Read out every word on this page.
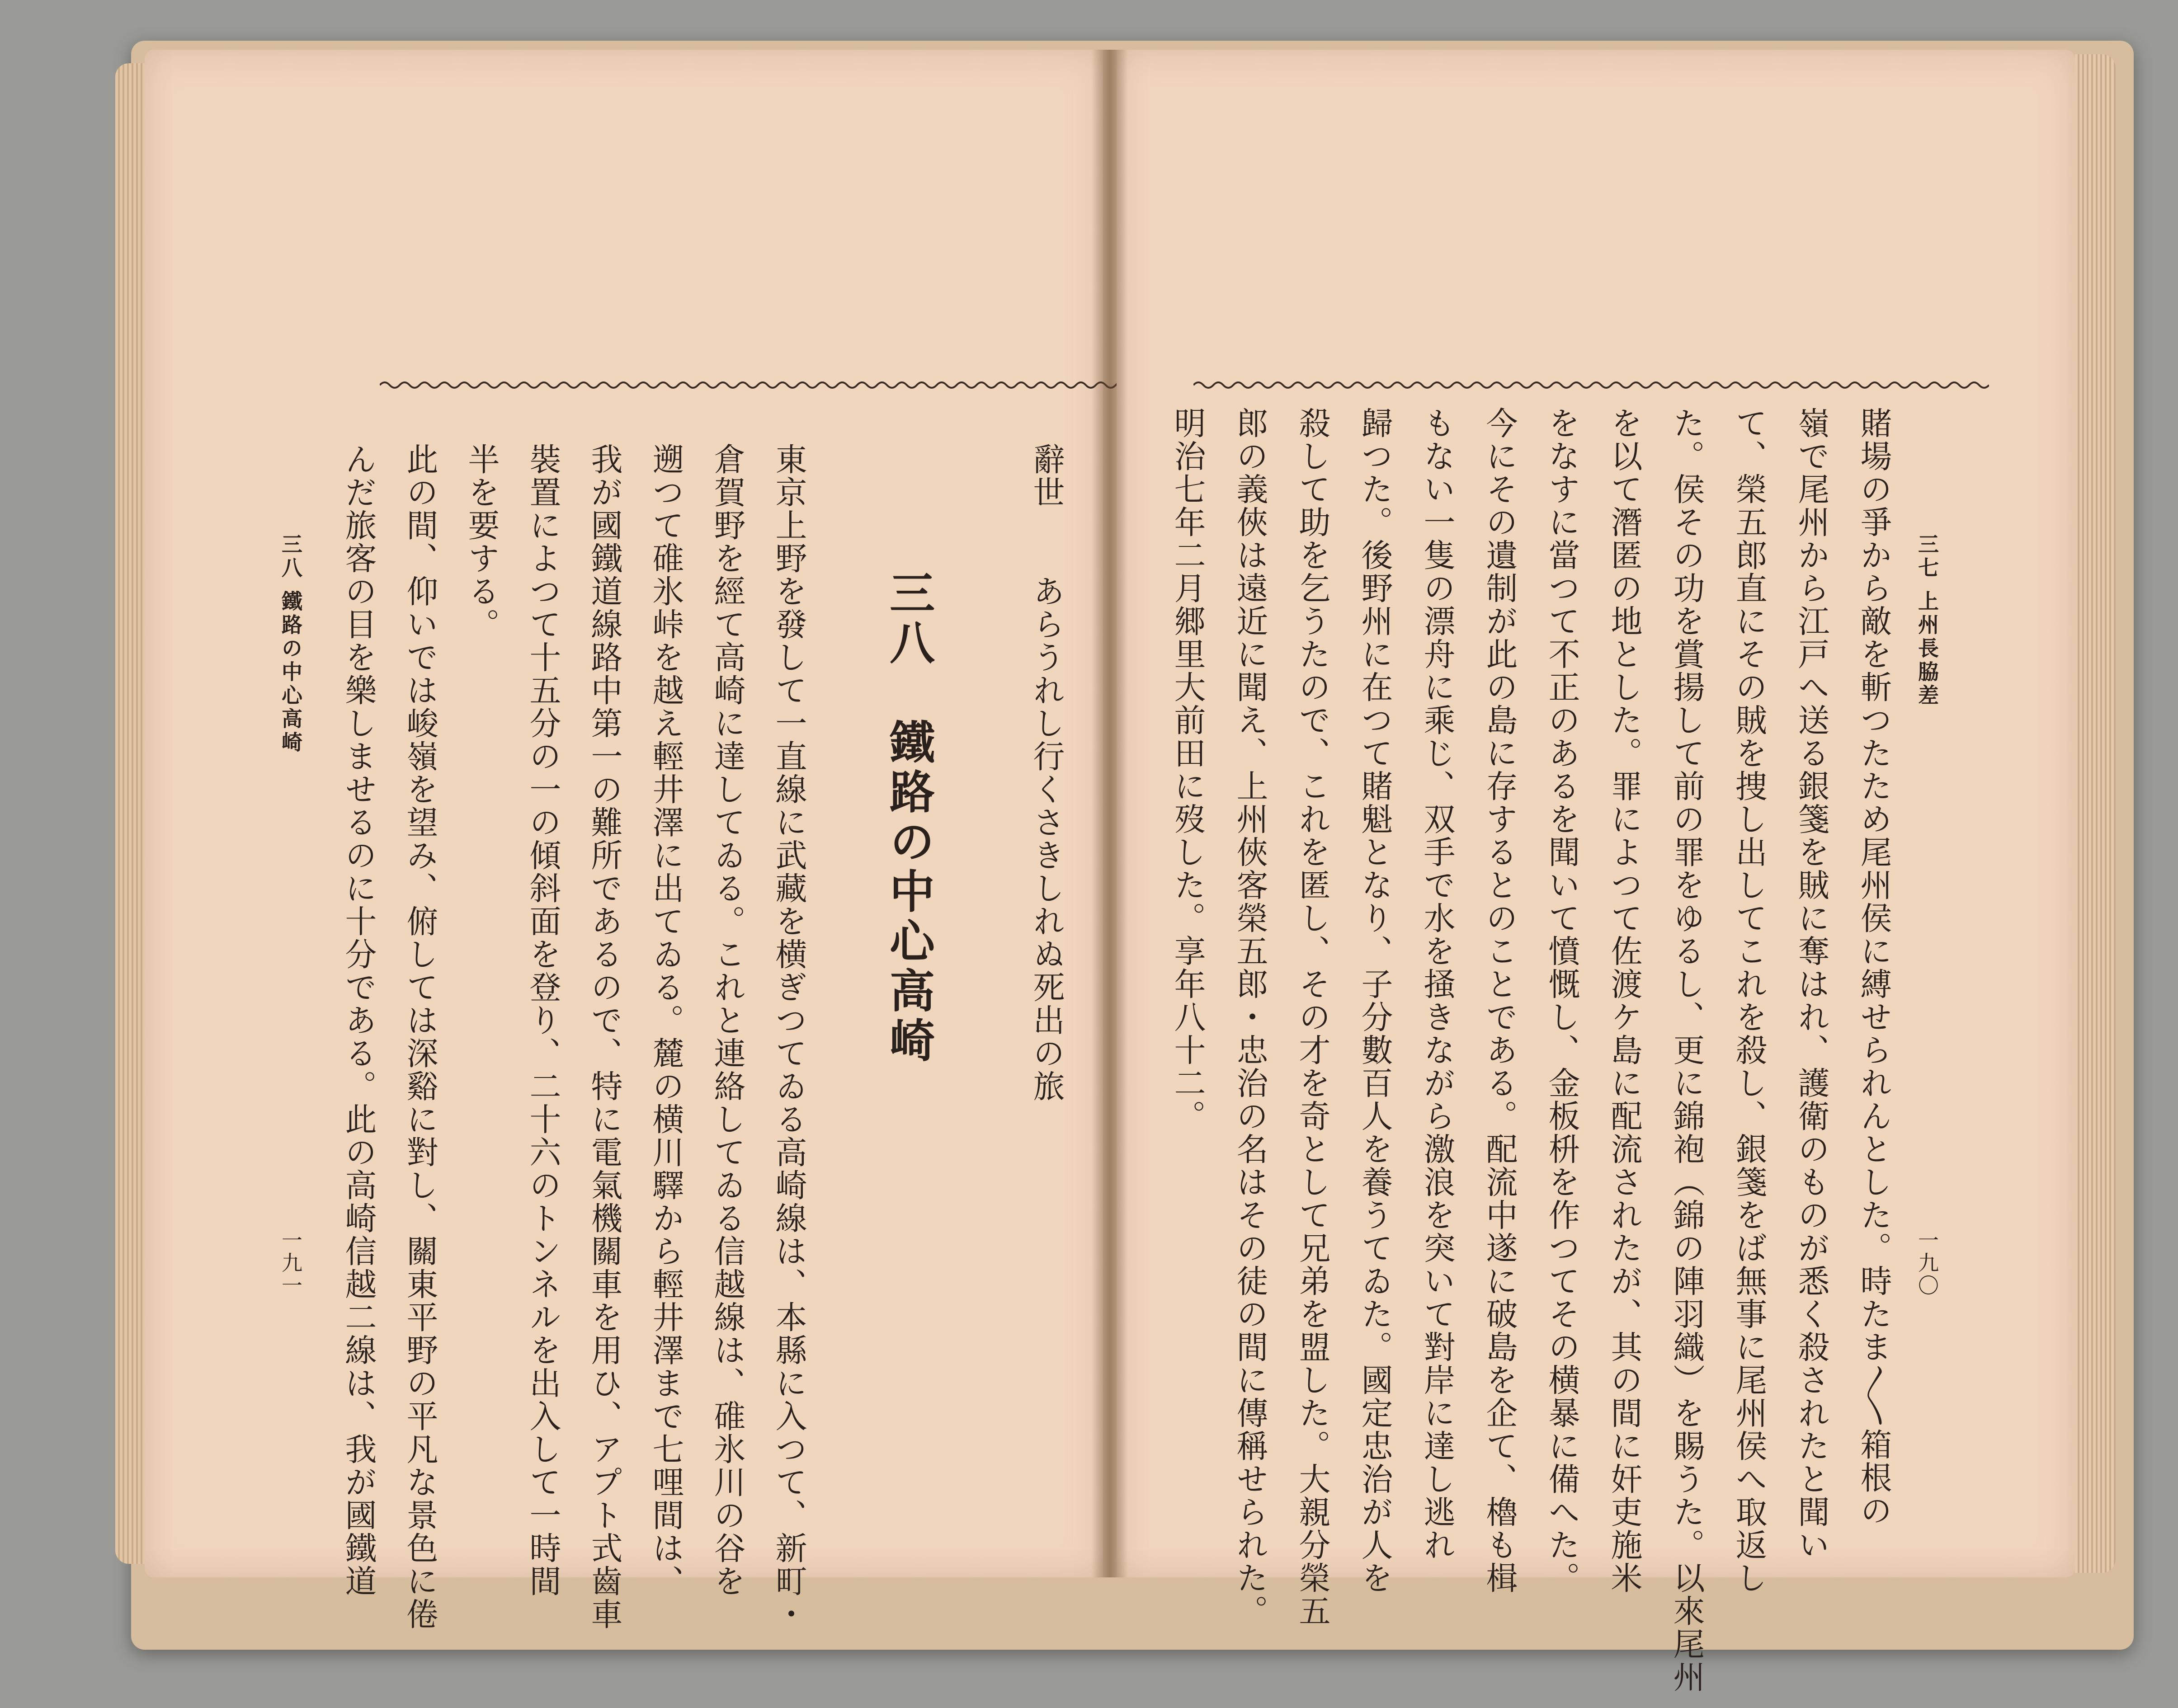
三七 上州長脇差
一九〇
賭場の爭から敵を斬つたため尾州侯に縛せられんとした。時たま〳〵箱根の
嶺で尾州から江戸へ送る銀箋を賊に奪はれ、護衛のものが悉く殺されたと聞い
て、榮五郎直にその賊を捜し出してこれを殺し、銀箋をば無事に尾州侯へ取返し
た。侯その功を賞揚して前の罪をゆるし、更に錦袍（錦の陣羽織）を賜うた。以來尾州
を以て潛匿の地とした。罪によつて佐渡ケ島に配流されたが、其の間に奸吏施米
をなすに當つて不正のあるを聞いて憤慨し、金板枡を作つてその横暴に備へた。
今にその遺制が此の島に存するとのことである。配流中遂に破島を企て、櫓も楫
もない一隻の漂舟に乘じ、双手で水を掻きながら激浪を突いて對岸に達し逃れ
歸つた。後野州に在つて賭魁となり、子分數百人を養うてゐた。國定忠治が人を
殺して助を乞うたので、これを匿し、その才を奇として兄弟を盟した。大親分榮五
郎の義俠は遠近に聞え、上州俠客榮五郎・忠治の名はその徒の間に傳稱せられた。
明治七年二月郷里大前田に歿した。享年八十二。
辭世　　あらうれし行くさきしれぬ死出の旅
三八　鐵路の中心高崎
東京上野を發して一直線に武藏を横ぎつてゐる高崎線は、本縣に入つて、新町・
倉賀野を經て高崎に達してゐる。これと連絡してゐる信越線は、碓氷川の谷を
遡つて碓氷峠を越え輕井澤に出てゐる。麓の横川驛から輕井澤まで七哩間は、
我が國鐵道線路中第一の難所であるので、特に電氣機關車を用ひ、アプト式齒車
裝置によつて十五分の一の傾斜面を登り、二十六のトンネルを出入して一時間
半を要する。
此の間、仰いでは峻嶺を望み、俯しては深谿に對し、關東平野の平凡な景色に倦
んだ旅客の目を樂しませるのに十分である。此の高崎信越二線は、我が國鐵道
三八 鐵路の中心高崎
一九一
